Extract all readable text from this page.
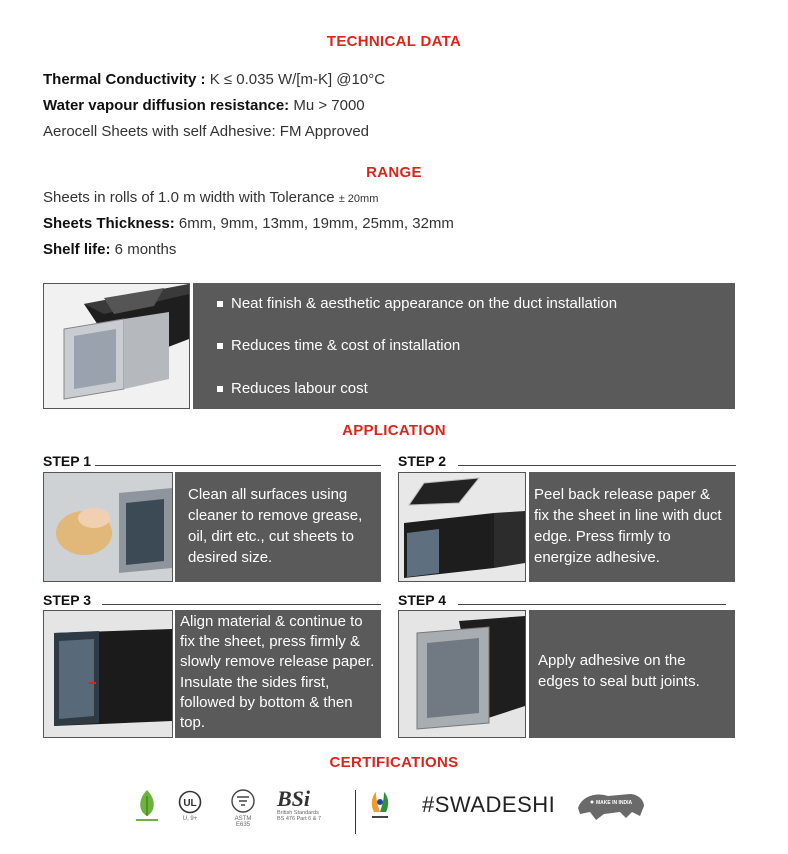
TECHNICAL DATA
Thermal Conductivity : K ≤ 0.035 W/[m-K] @10°C
Water vapour diffusion resistance: Mu > 7000
Aerocell Sheets with self Adhesive: FM Approved
RANGE
Sheets in rolls of 1.0 m width with Tolerance ± 20mm
Sheets Thickness: 6mm, 9mm, 13mm, 19mm, 25mm, 32mm
Shelf life: 6 months
Neat finish & aesthetic appearance on the duct installation
Reduces time & cost of installation
Reduces labour cost
APPLICATION
STEP 1
Clean all surfaces using cleaner to remove grease, oil, dirt etc., cut sheets to desired size.
STEP 2
Peel back release paper & fix the sheet in line with duct edge. Press firmly to energize adhesive.
STEP 3
Align material & continue to fix the sheet, press firmly & slowly remove release paper. Insulate the sides first, followed by bottom & then top.
STEP 4
Apply adhesive on the edges to seal butt joints.
CERTIFICATIONS
UL
U, 9+	ASTM E635
BSi
British Standards BS 476 Part 6 & 7
#SWADESHI	MAKE IN INDIA
